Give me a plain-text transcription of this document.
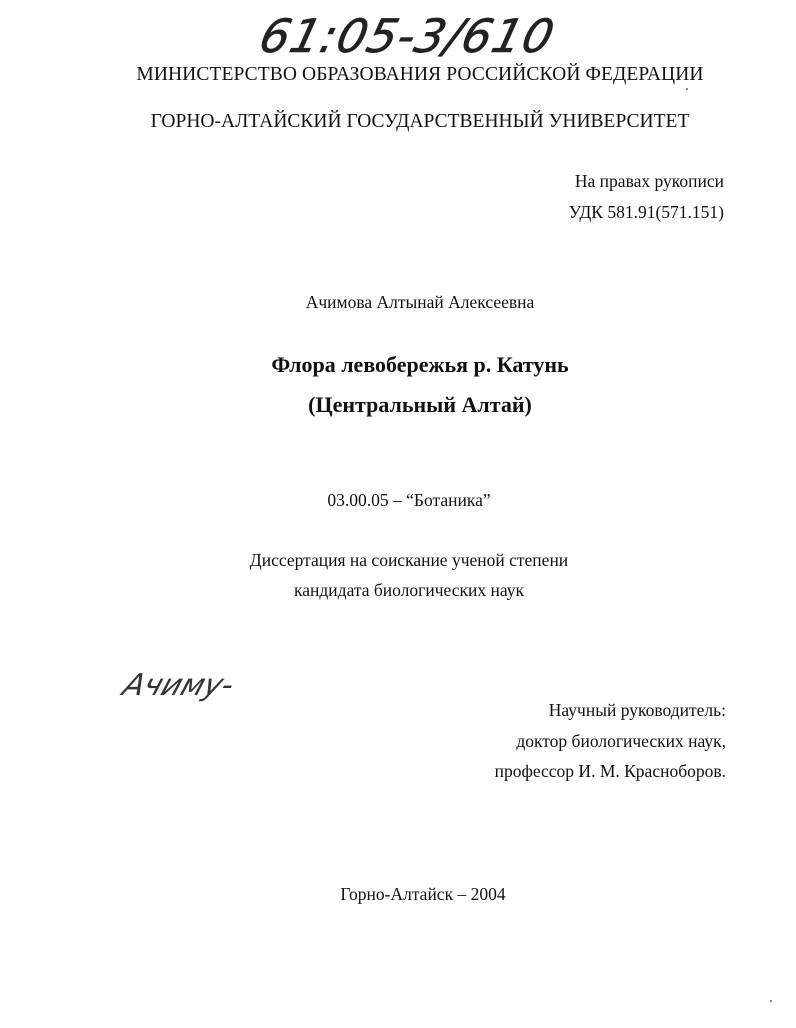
61:05-3/610
МИНИСТЕРСТВО ОБРАЗОВАНИЯ РОССИЙСКОЙ ФЕДЕРАЦИИ
ГОРНО-АЛТАЙСКИЙ ГОСУДАРСТВЕННЫЙ УНИВЕРСИТЕТ
На правах рукописи
УДК 581.91(571.151)
Ачимова Алтынай Алексеевна
Флора левобережья р. Катунь
(Центральный Алтай)
03.00.05 – “Ботаника”
Диссертация на соискание ученой степени
кандидата биологических наук
Ачиму-
Научный руководитель:
доктор биологических наук,
профессор И. М. Красноборов.
Горно-Алтайск – 2004
